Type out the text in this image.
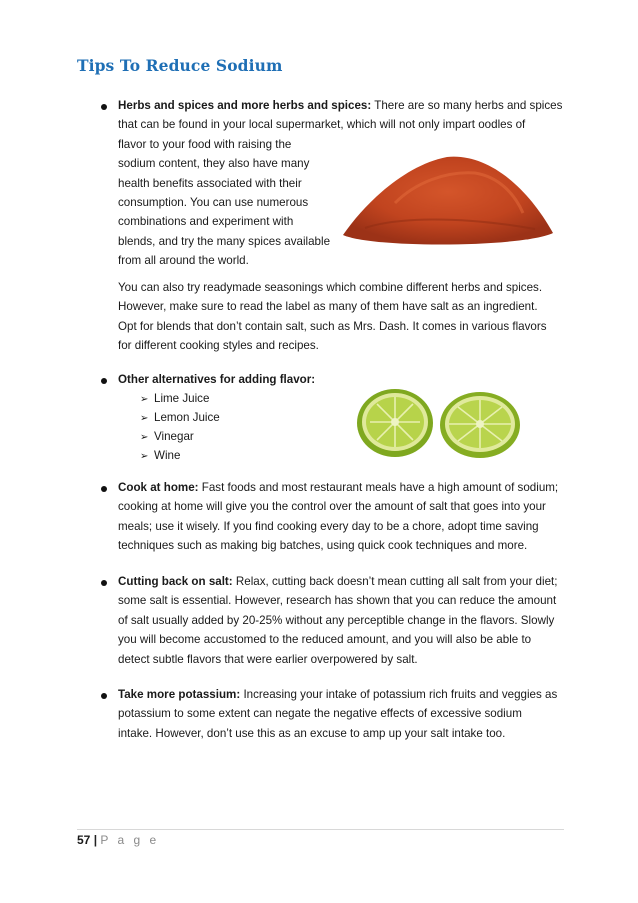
Tips To Reduce Sodium
Herbs and spices and more herbs and spices: There are so many herbs and spices
that can be found in your local supermarket, which will not only impart oodles of
flavor to your food with raising the
sodium content, they also have many
health benefits associated with their
consumption. You can use numerous
combinations and experiment with
blends, and try the many spices available
from all around the world.
You can also try readymade seasonings which combine different herbs and spices.
However, make sure to read the label as many of them have salt as an ingredient.
Opt for blends that don’t contain salt, such as Mrs. Dash. It comes in various flavors
for different cooking styles and recipes.
Other alternatives for adding flavor:
➢ Lime Juice
➢ Lemon Juice
➢ Vinegar
➢ Wine
Cook at home: Fast foods and most restaurant meals have a high amount of sodium;
cooking at home will give you the control over the amount of salt that goes into your
meals; use it wisely. If you find cooking every day to be a chore, adopt time saving
techniques such as making big batches, using quick cook techniques and more.
Cutting back on salt: Relax, cutting back doesn’t mean cutting all salt from your diet;
some salt is essential. However, research has shown that you can reduce the amount
of salt usually added by 20-25% without any perceptible change in the flavors. Slowly
you will become accustomed to the reduced amount, and you will also be able to
detect subtle flavors that were earlier overpowered by salt.
Take more potassium: Increasing your intake of potassium rich fruits and veggies as
potassium to some extent can negate the negative effects of excessive sodium
intake. However, don’t use this as an excuse to amp up your salt intake too.
57 | P a g e
